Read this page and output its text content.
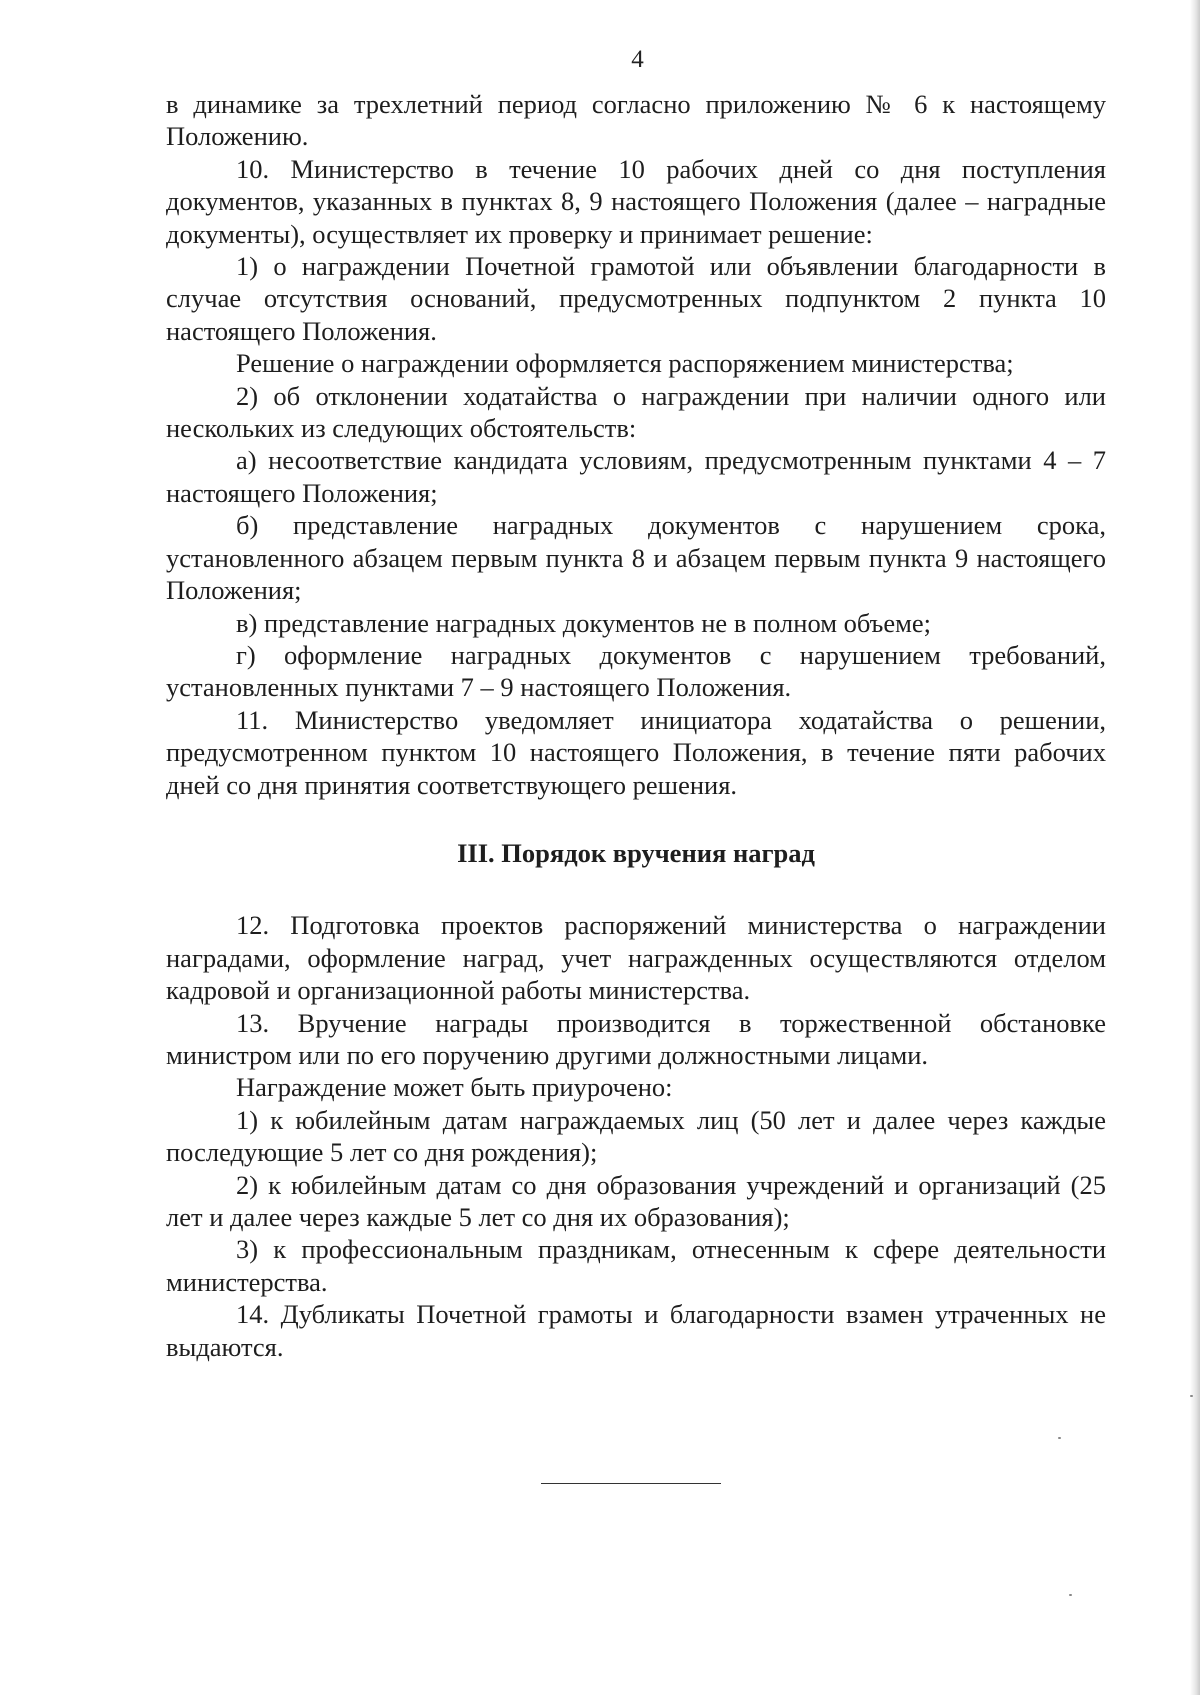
4

в динамике за трехлетний период согласно приложению № 6 к настоящему Положению.

10. Министерство в течение 10 рабочих дней со дня поступления документов, указанных в пунктах 8, 9 настоящего Положения (далее – наградные документы), осуществляет их проверку и принимает решение:

1) о награждении Почетной грамотой или объявлении благодарности в случае отсутствия оснований, предусмотренных подпунктом 2 пункта 10 настоящего Положения.

Решение о награждении оформляется распоряжением министерства;

2) об отклонении ходатайства о награждении при наличии одного или нескольких из следующих обстоятельств:

а) несоответствие кандидата условиям, предусмотренным пунктами 4 – 7 настоящего Положения;

б) представление наградных документов с нарушением срока, установленного абзацем первым пункта 8 и абзацем первым пункта 9 настоящего Положения;

в) представление наградных документов не в полном объеме;

г) оформление наградных документов с нарушением требований, установленных пунктами 7 – 9 настоящего Положения.

11. Министерство уведомляет инициатора ходатайства о решении, предусмотренном пунктом 10 настоящего Положения, в течение пяти рабочих дней со дня принятия соответствующего решения.

III. Порядок вручения наград

12. Подготовка проектов распоряжений министерства о награждении наградами, оформление наград, учет награжденных осуществляются отделом кадровой и организационной работы министерства.

13. Вручение награды производится в торжественной обстановке министром или по его поручению другими должностными лицами.

Награждение может быть приурочено:

1) к юбилейным датам награждаемых лиц (50 лет и далее через каждые последующие 5 лет со дня рождения);

2) к юбилейным датам со дня образования учреждений и организаций (25 лет и далее через каждые 5 лет со дня их образования);

3) к профессиональным праздникам, отнесенным к сфере деятельности министерства.

14. Дубликаты Почетной грамоты и благодарности взамен утраченных не выдаются.
